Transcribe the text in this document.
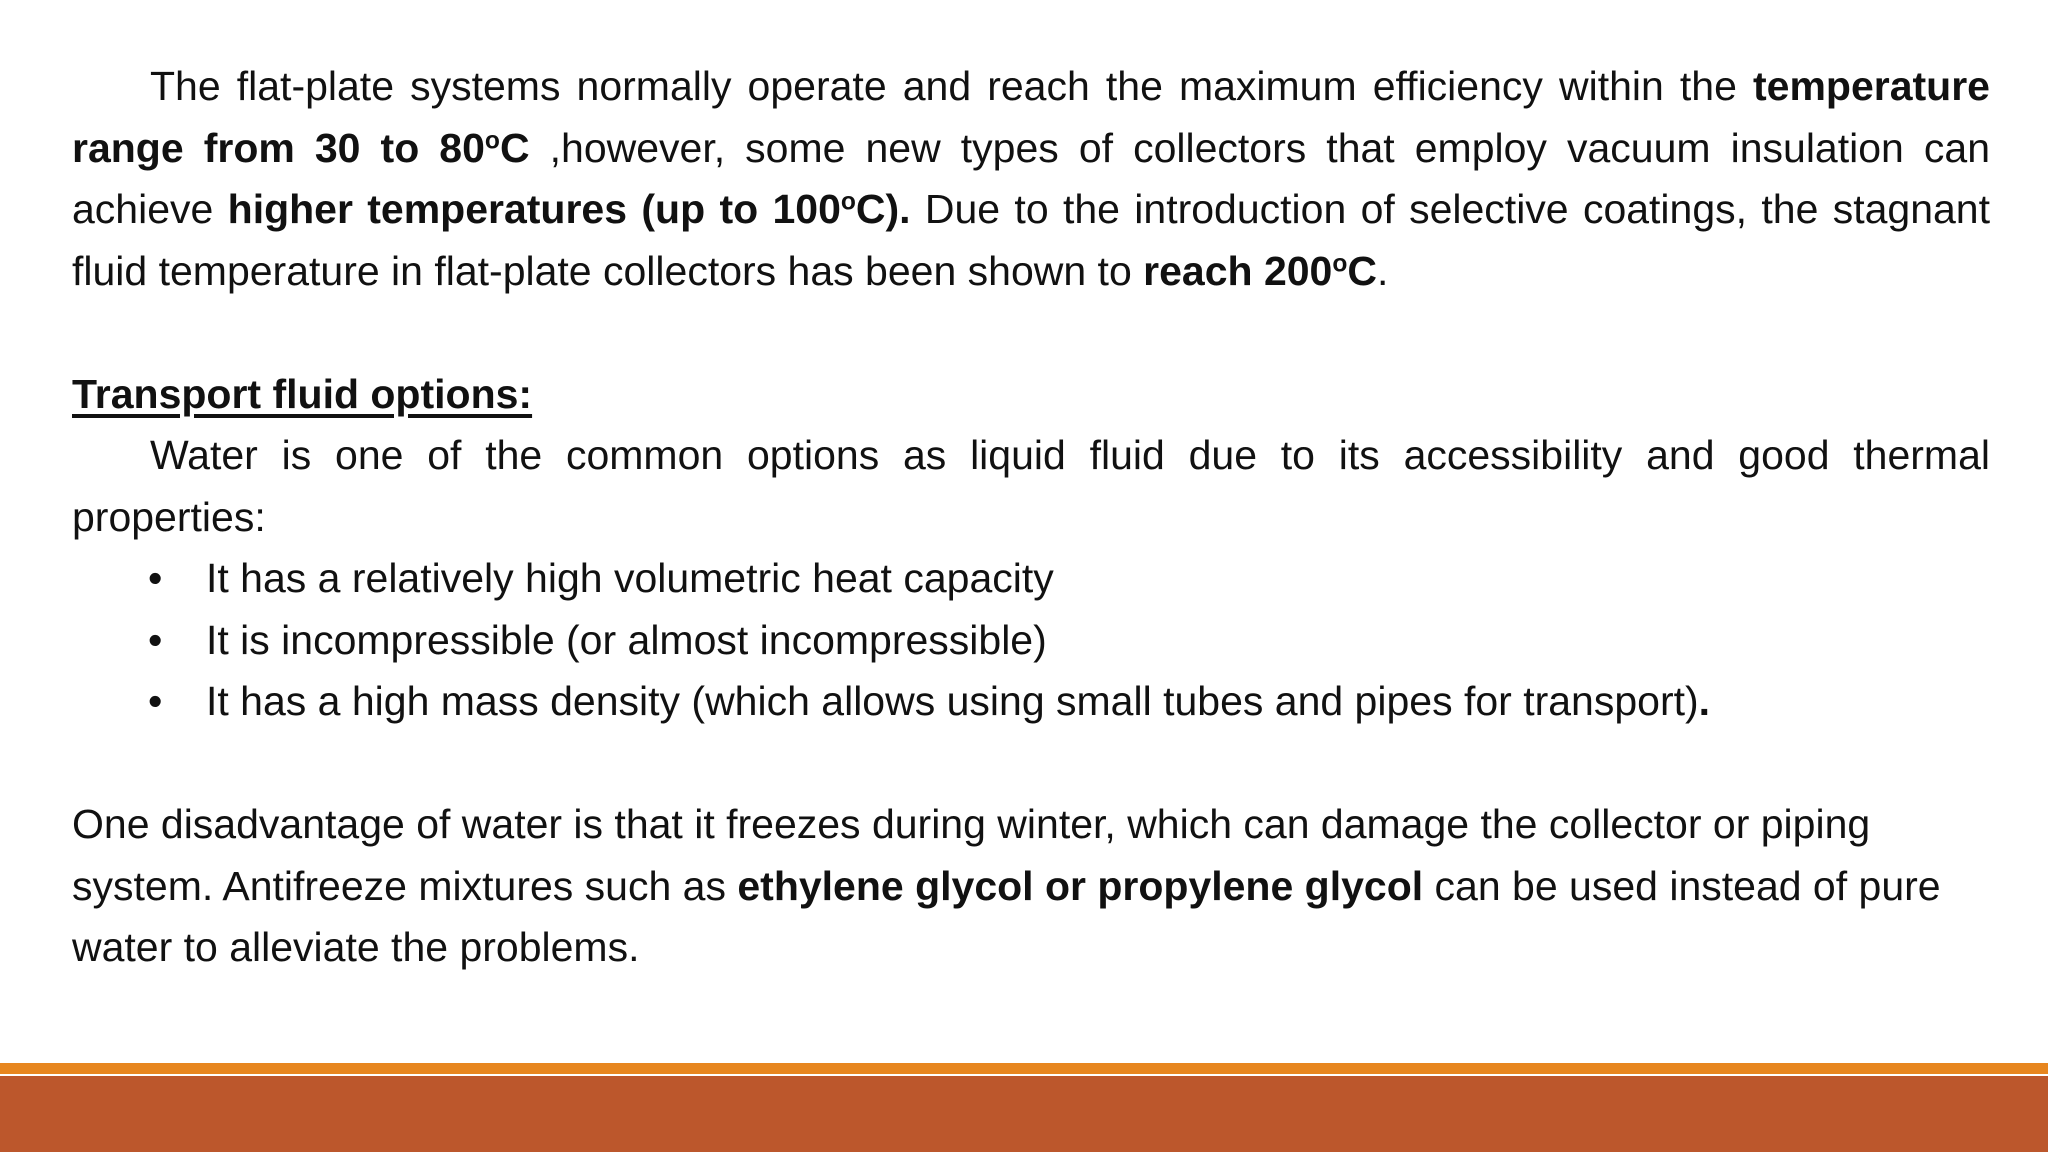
The flat-plate systems normally operate and reach the maximum efficiency within the temperature range from 30 to 80$^o$C ,however, some new types of collectors that employ vacuum insulation can achieve higher temperatures (up to 100$^o$C). Due to the introduction of selective coatings, the stagnant fluid temperature in flat-plate collectors has been shown to reach 200$^o$C.

Transport fluid options:

Water is one of the common options as liquid fluid due to its accessibility and good thermal properties:

• It has a relatively high volumetric heat capacity
• It is incompressible (or almost incompressible)
• It has a high mass density (which allows using small tubes and pipes for transport).

One disadvantage of water is that it freezes during winter, which can damage the collector or piping system. Antifreeze mixtures such as ethylene glycol or propylene glycol can be used instead of pure water to alleviate the problems.
